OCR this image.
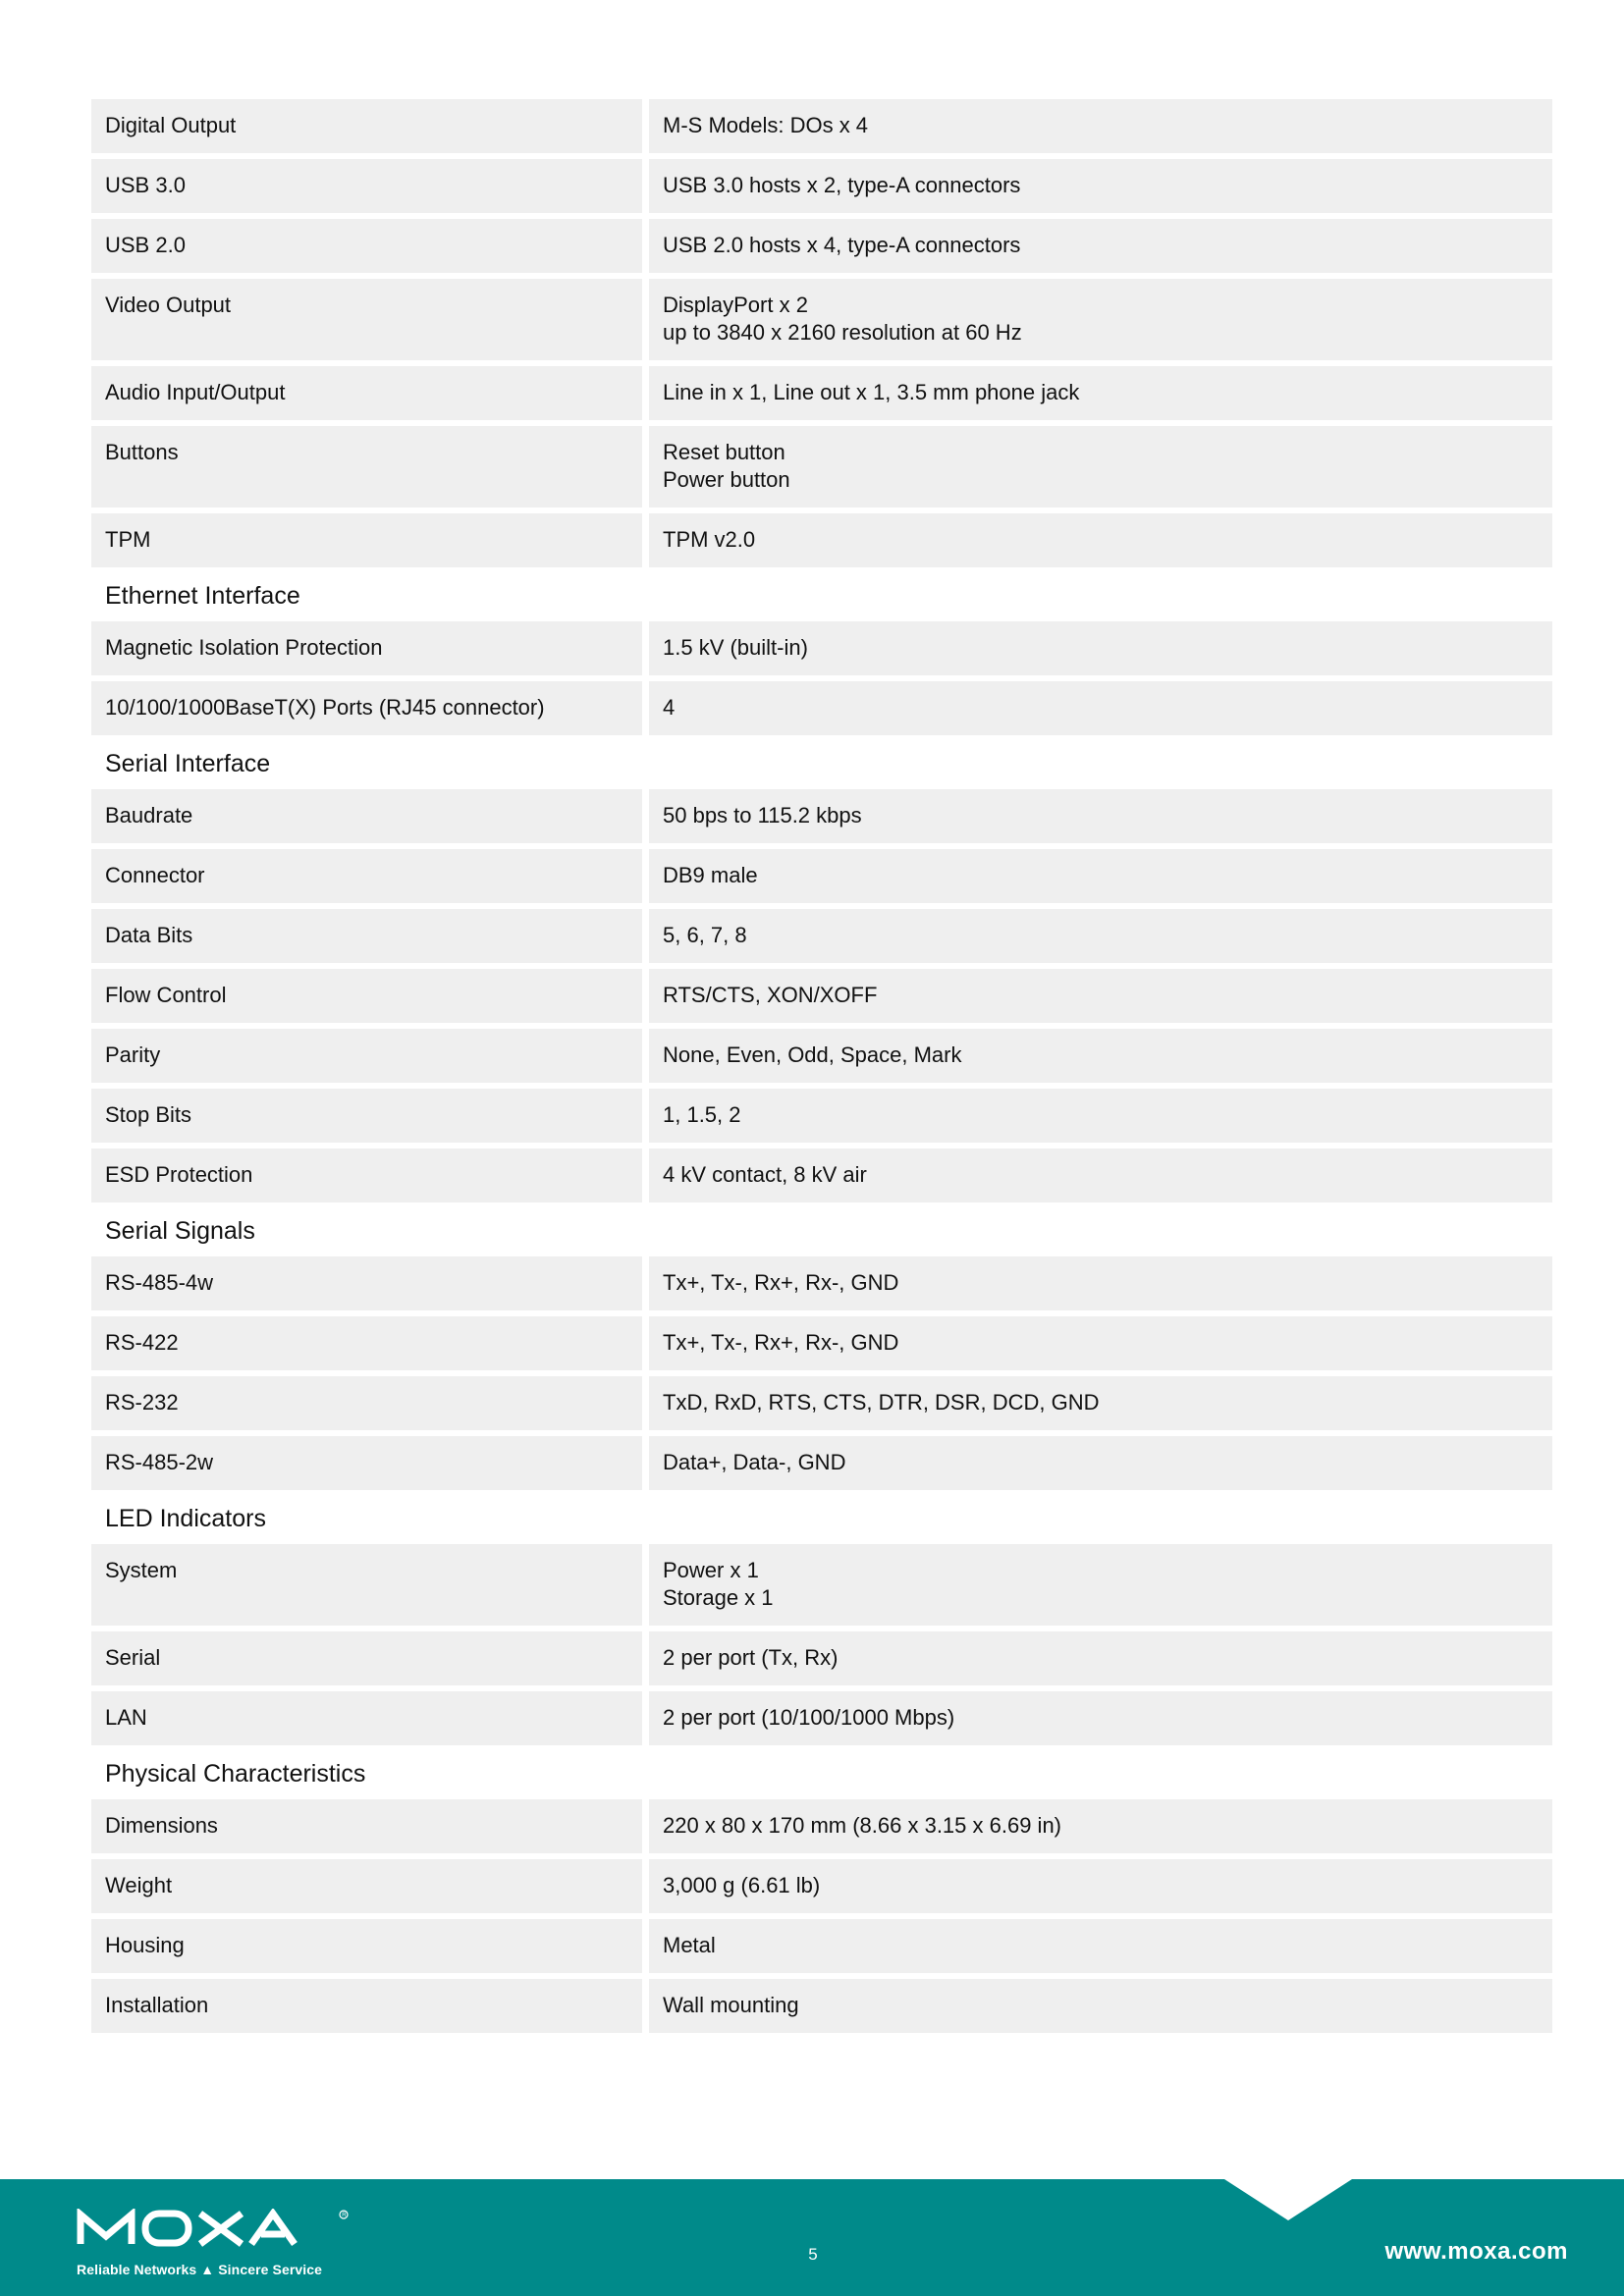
Digital Output	M-S Models: DOs x 4
USB 3.0	USB 3.0 hosts x 2, type-A connectors
USB 2.0	USB 2.0 hosts x 4, type-A connectors
Video Output	DisplayPort x 2
up to 3840 x 2160 resolution at 60 Hz
Audio Input/Output	Line in x 1, Line out x 1, 3.5 mm phone jack
Buttons	Reset button
Power button
TPM	TPM v2.0
Ethernet Interface
Magnetic Isolation Protection	1.5 kV (built-in)
10/100/1000BaseT(X) Ports (RJ45 connector)	4
Serial Interface
Baudrate	50 bps to 115.2 kbps
Connector	DB9 male
Data Bits	5, 6, 7, 8
Flow Control	RTS/CTS, XON/XOFF
Parity	None, Even, Odd, Space, Mark
Stop Bits	1, 1.5, 2
ESD Protection	4 kV contact, 8 kV air
Serial Signals
RS-485-4w	Tx+, Tx-, Rx+, Rx-, GND
RS-422	Tx+, Tx-, Rx+, Rx-, GND
RS-232	TxD, RxD, RTS, CTS, DTR, DSR, DCD, GND
RS-485-2w	Data+, Data-, GND
LED Indicators
System	Power x 1
Storage x 1
Serial	2 per port (Tx, Rx)
LAN	2 per port (10/100/1000 Mbps)
Physical Characteristics
Dimensions	220 x 80 x 170 mm (8.66 x 3.15 x 6.69 in)
Weight	3,000 g (6.61 lb)
Housing	Metal
Installation	Wall mounting
R
Reliable Networks ▲ Sincere Service
5	www.moxa.com
